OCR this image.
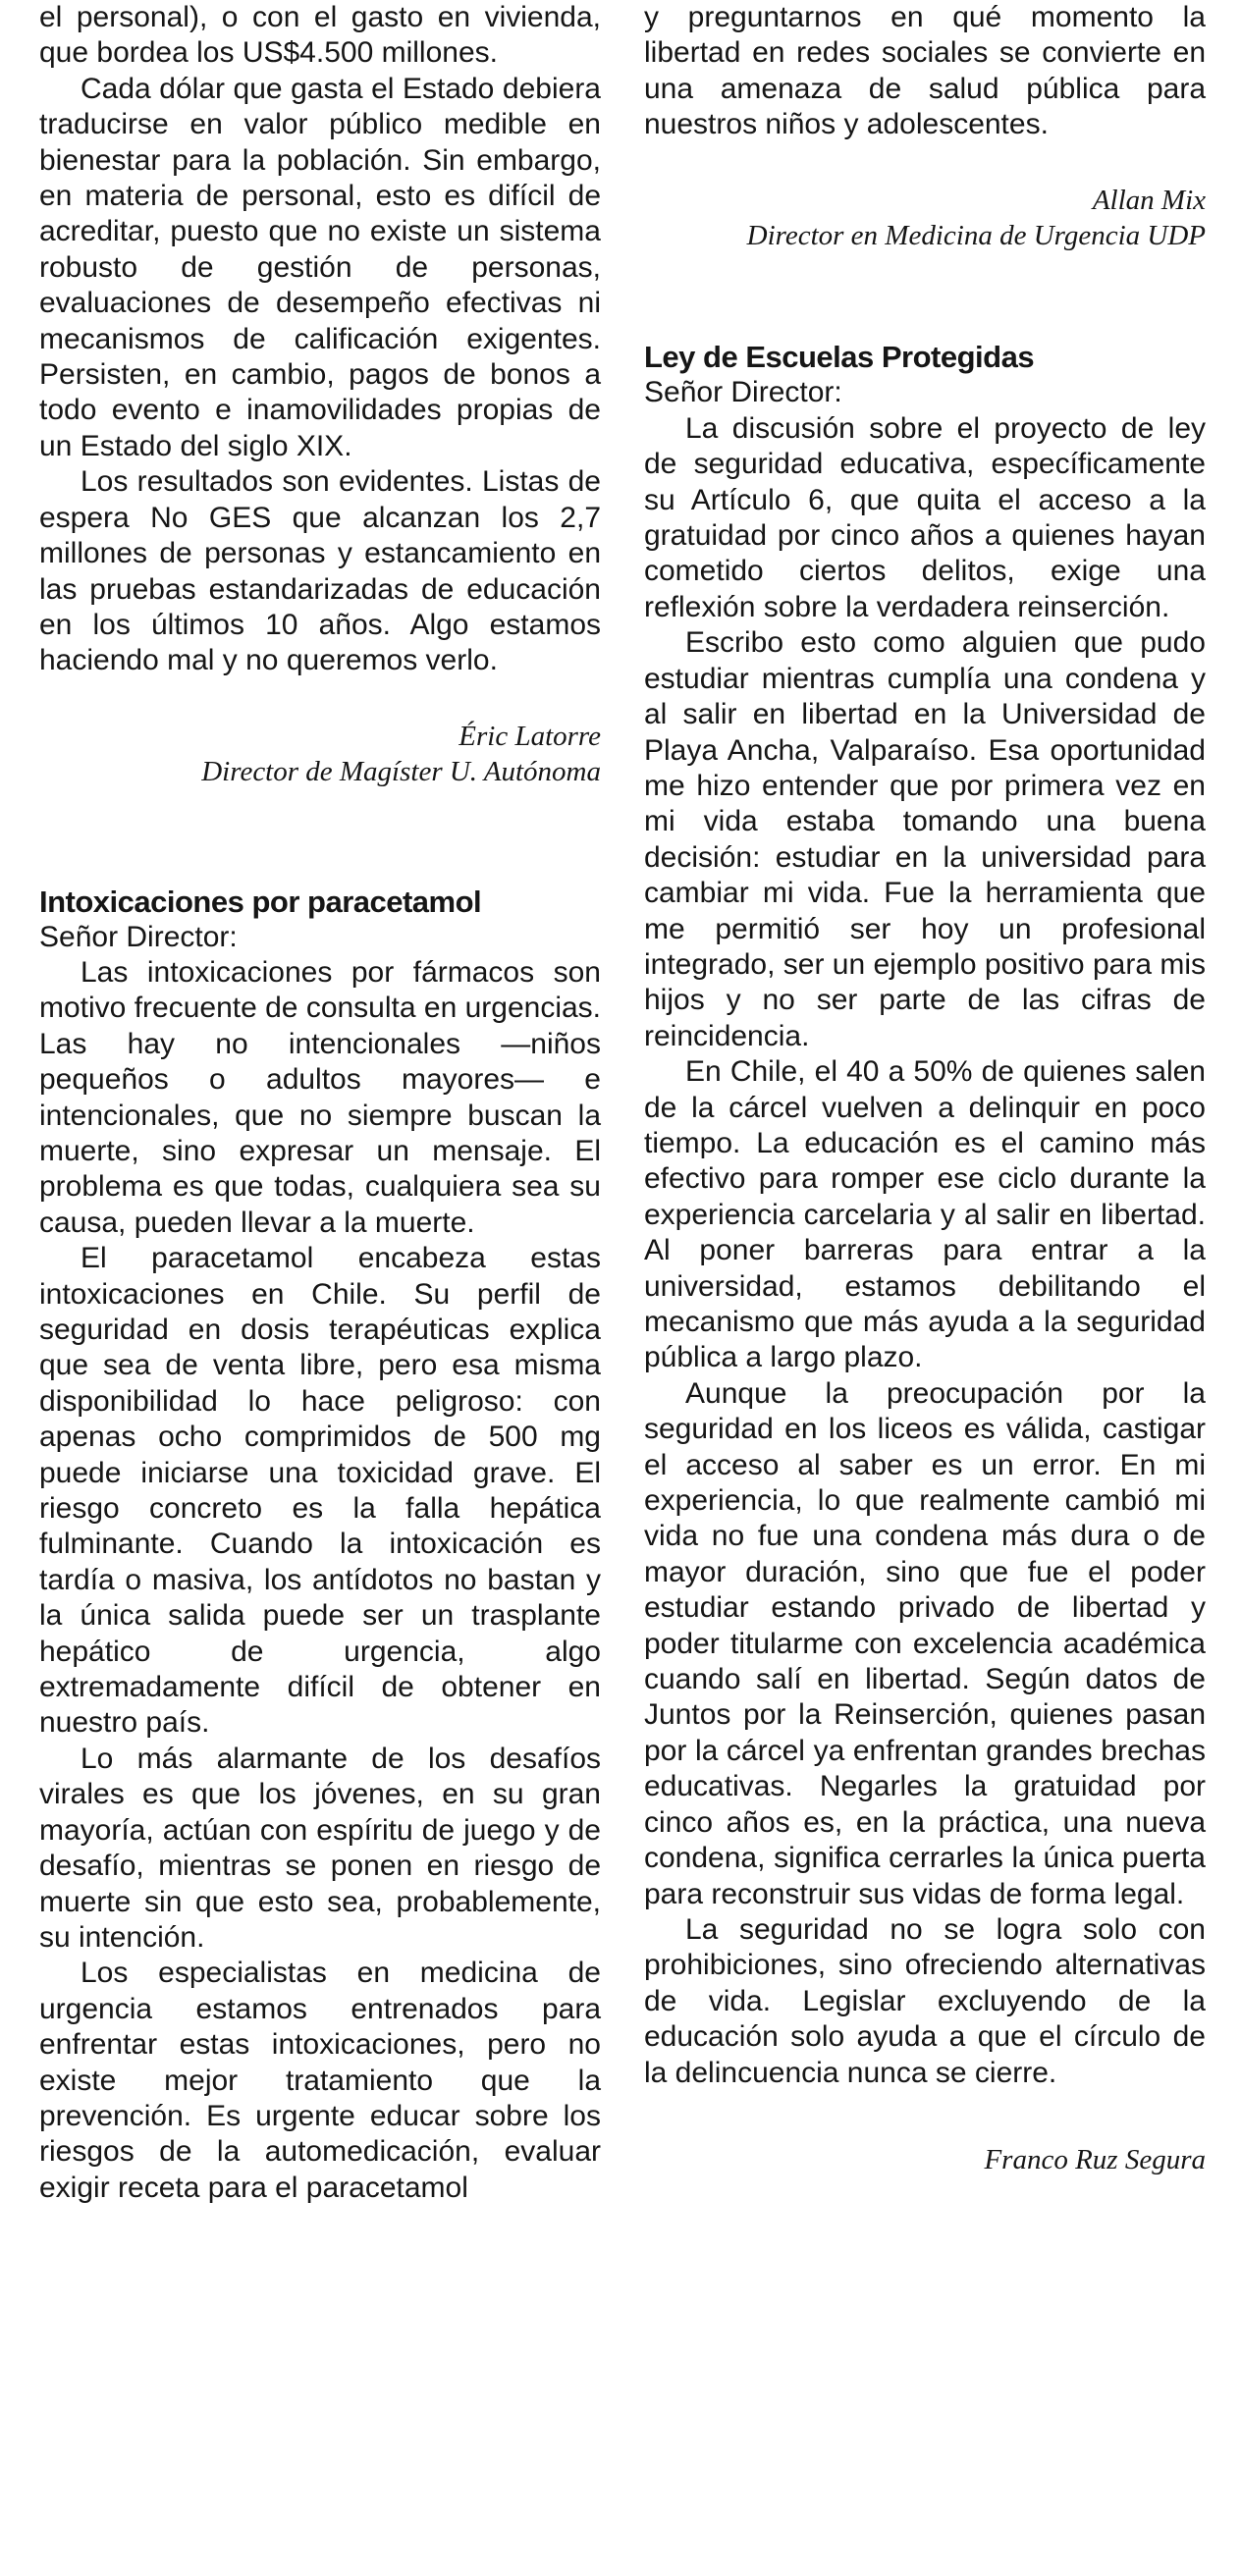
el personal), o con el gasto en vivienda, que bordea los US$4.500 millones.

Cada dólar que gasta el Estado debiera traducirse en valor público medible en bienestar para la población. Sin embargo, en materia de personal, esto es difícil de acreditar, puesto que no existe un sistema robusto de gestión de personas, evaluaciones de desempeño efectivas ni mecanismos de calificación exigentes. Persisten, en cambio, pagos de bonos a todo evento e inamovilidades propias de un Estado del siglo XIX.

Los resultados son evidentes. Listas de espera No GES que alcanzan los 2,7 millones de personas y estancamiento en las pruebas estandarizadas de educación en los últimos 10 años. Algo estamos haciendo mal y no queremos verlo.

Éric Latorre

Director de Magíster U. Autónoma

Intoxicaciones por paracetamol

Señor Director:

Las intoxicaciones por fármacos son motivo frecuente de consulta en urgencias. Las hay no intencionales —niños pequeños o adultos mayores— e intencionales, que no siempre buscan la muerte, sino expresar un mensaje. El problema es que todas, cualquiera sea su causa, pueden llevar a la muerte.

El paracetamol encabeza estas intoxicaciones en Chile. Su perfil de seguridad en dosis terapéuticas explica que sea de venta libre, pero esa misma disponibilidad lo hace peligroso: con apenas ocho comprimidos de 500 mg puede iniciarse una toxicidad grave. El riesgo concreto es la falla hepática fulminante. Cuando la intoxicación es tardía o masiva, los antídotos no bastan y la única salida puede ser un trasplante hepático de urgencia, algo extremadamente difícil de obtener en nuestro país.

Lo más alarmante de los desafíos virales es que los jóvenes, en su gran mayoría, actúan con espíritu de juego y de desafío, mientras se ponen en riesgo de muerte sin que esto sea, probablemente, su intención.

Los especialistas en medicina de urgencia estamos entrenados para enfrentar estas intoxicaciones, pero no existe mejor tratamiento que la prevención. Es urgente educar sobre los riesgos de la automedicación, evaluar exigir receta para el paracetamol

y preguntarnos en qué momento la libertad en redes sociales se convierte en una amenaza de salud pública para nuestros niños y adolescentes.

Allan Mix

Director en Medicina de Urgencia UDP

Ley de Escuelas Protegidas

Señor Director:

La discusión sobre el proyecto de ley de seguridad educativa, específicamente su Artículo 6, que quita el acceso a la gratuidad por cinco años a quienes hayan cometido ciertos delitos, exige una reflexión sobre la verdadera reinserción.

Escribo esto como alguien que pudo estudiar mientras cumplía una condena y al salir en libertad en la Universidad de Playa Ancha, Valparaíso. Esa oportunidad me hizo entender que por primera vez en mi vida estaba tomando una buena decisión: estudiar en la universidad para cambiar mi vida. Fue la herramienta que me permitió ser hoy un profesional integrado, ser un ejemplo positivo para mis hijos y no ser parte de las cifras de reincidencia.

En Chile, el 40 a 50% de quienes salen de la cárcel vuelven a delinquir en poco tiempo. La educación es el camino más efectivo para romper ese ciclo durante la experiencia carcelaria y al salir en libertad. Al poner barreras para entrar a la universidad, estamos debilitando el mecanismo que más ayuda a la seguridad pública a largo plazo.

Aunque la preocupación por la seguridad en los liceos es válida, castigar el acceso al saber es un error. En mi experiencia, lo que realmente cambió mi vida no fue una condena más dura o de mayor duración, sino que fue el poder estudiar estando privado de libertad y poder titularme con excelencia académica cuando salí en libertad. Según datos de Juntos por la Reinserción, quienes pasan por la cárcel ya enfrentan grandes brechas educativas. Negarles la gratuidad por cinco años es, en la práctica, una nueva condena, significa cerrarles la única puerta para reconstruir sus vidas de forma legal.

La seguridad no se logra solo con prohibiciones, sino ofreciendo alternativas de vida. Legislar excluyendo de la educación solo ayuda a que el círculo de la delincuencia nunca se cierre.

Franco Ruz Segura
